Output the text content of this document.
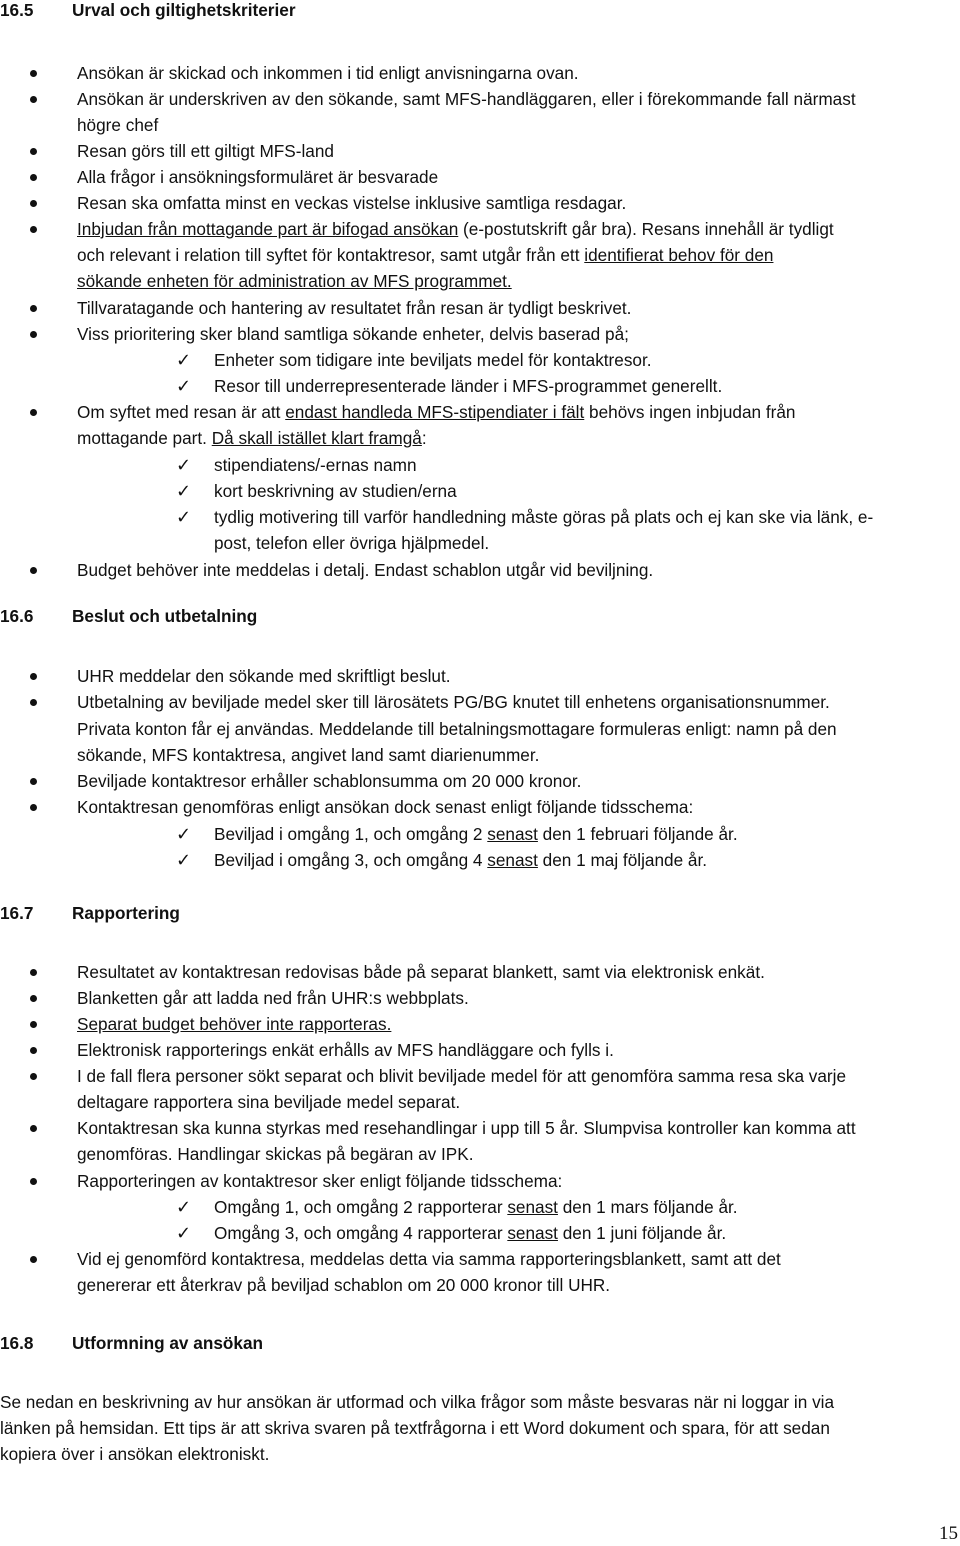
16.5 Urval och giltighetskriterier
Ansökan är skickad och inkommen i tid enligt anvisningarna ovan.
Ansökan är underskriven av den sökande, samt MFS-handläggaren, eller i förekommande fall närmast
högre chef
Resan görs till ett giltigt MFS-land
Alla frågor i ansökningsformuläret är besvarade
Resan ska omfatta minst en veckas vistelse inklusive samtliga resdagar.
Inbjudan från mottagande part är bifogad ansökan (e-postutskrift går bra). Resans innehåll är tydligt
och relevant i relation till syftet för kontaktresor, samt utgår från ett identifierat behov för den
sökande enheten för administration av MFS programmet.
Tillvaratagande och hantering av resultatet från resan är tydligt beskrivet.
Viss prioritering sker bland samtliga sökande enheter, delvis baserad på;
✓ Enheter som tidigare inte beviljats medel för kontaktresor.
✓ Resor till underrepresenterade länder i MFS-programmet generellt.
Om syftet med resan är att endast handleda MFS-stipendiater i fält behövs ingen inbjudan från
mottagande part. Då skall istället klart framgå:
✓ stipendiatens/-ernas namn
✓ kort beskrivning av studien/erna
✓ tydlig motivering till varför handledning måste göras på plats och ej kan ske via länk, e-
post, telefon eller övriga hjälpmedel.
Budget behöver inte meddelas i detalj. Endast schablon utgår vid beviljning.
16.6 Beslut och utbetalning
UHR meddelar den sökande med skriftligt beslut.
Utbetalning av beviljade medel sker till lärosätets PG/BG knutet till enhetens organisationsnummer.
Privata konton får ej användas. Meddelande till betalningsmottagare formuleras enligt: namn på den
sökande, MFS kontaktresa, angivet land samt diarienummer.
Beviljade kontaktresor erhåller schablonsumma om 20 000 kronor.
Kontaktresan genomföras enligt ansökan dock senast enligt följande tidsschema:
✓ Beviljad i omgång 1, och omgång 2 senast den 1 februari följande år.
✓ Beviljad i omgång 3, och omgång 4 senast den 1 maj följande år.
16.7 Rapportering
Resultatet av kontaktresan redovisas både på separat blankett, samt via elektronisk enkät.
Blanketten går att ladda ned från UHR:s webbplats.
Separat budget behöver inte rapporteras.
Elektronisk rapporterings enkät erhålls av MFS handläggare och fylls i.
I de fall flera personer sökt separat och blivit beviljade medel för att genomföra samma resa ska varje
deltagare rapportera sina beviljade medel separat.
Kontaktresan ska kunna styrkas med resehandlingar i upp till 5 år. Slumpvisa kontroller kan komma att
genomföras. Handlingar skickas på begäran av IPK.
Rapporteringen av kontaktresor sker enligt följande tidsschema:
✓ Omgång 1, och omgång 2 rapporterar senast den 1 mars följande år.
✓ Omgång 3, och omgång 4 rapporterar senast den 1 juni följande år.
Vid ej genomförd kontaktresa, meddelas detta via samma rapporteringsblankett, samt att det
genererar ett återkrav på beviljad schablon om 20 000 kronor till UHR.
16.8 Utformning av ansökan
Se nedan en beskrivning av hur ansökan är utformad och vilka frågor som måste besvaras när ni loggar in via
länken på hemsidan. Ett tips är att skriva svaren på textfrågorna i ett Word dokument och spara, för att sedan
kopiera över i ansökan elektroniskt.
15
